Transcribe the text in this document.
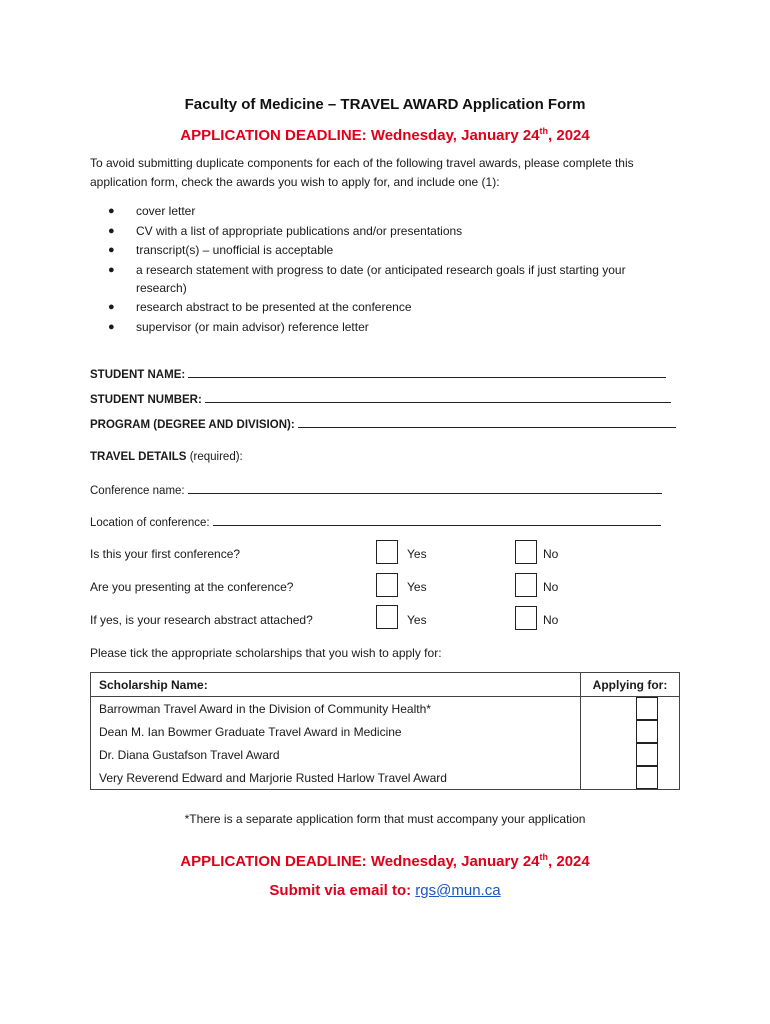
Faculty of Medicine – TRAVEL AWARD Application Form
APPLICATION DEADLINE: Wednesday, January 24th, 2024
To avoid submitting duplicate components for each of the following travel awards, please complete this application form, check the awards you wish to apply for, and include one (1):
● cover letter
● CV with a list of appropriate publications and/or presentations
● transcript(s) – unofficial is acceptable
● a research statement with progress to date (or anticipated research goals if just starting your research)
● research abstract to be presented at the conference
● supervisor (or main advisor) reference letter
STUDENT NAME:
STUDENT NUMBER:
PROGRAM (DEGREE AND DIVISION):
TRAVEL DETAILS (required):
Conference name:
Location of conference:
Is this your first conference?	Yes	No
Are you presenting at the conference?	Yes	No
If yes, is your research abstract attached?	Yes	No
Please tick the appropriate scholarships that you wish to apply for:
Scholarship Name:	Applying for:
Barrowman Travel Award in the Division of Community Health*	
Dean M. Ian Bowmer Graduate Travel Award in Medicine	
Dr. Diana Gustafson Travel Award	
Very Reverend Edward and Marjorie Rusted Harlow Travel Award	
*There is a separate application form that must accompany your application
APPLICATION DEADLINE: Wednesday, January 24th, 2024
Submit via email to: rgs@mun.ca
